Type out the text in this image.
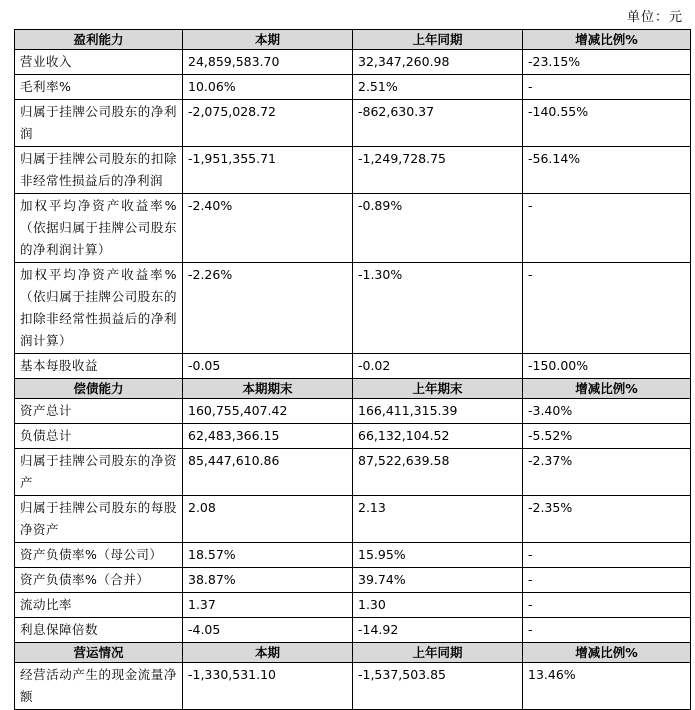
单位：元
盈利能力	本期	上年同期	增减比例%
营业收入	24,859,583.70	32,347,260.98	-23.15%
毛利率%	10.06%	2.51%	-
归属于挂牌公司股东的净利润	-2,075,028.72	-862,630.37	-140.55%
归属于挂牌公司股东的扣除非经常性损益后的净利润	-1,951,355.71	-1,249,728.75	-56.14%
加权平均净资产收益率%（依据归属于挂牌公司股东的净利润计算）	-2.40%	-0.89%	-
加权平均净资产收益率%（依归属于挂牌公司股东的扣除非经常性损益后的净利润计算）	-2.26%	-1.30%	-
基本每股收益	-0.05	-0.02	-150.00%
偿债能力	本期期末	上年期末	增减比例%
资产总计	160,755,407.42	166,411,315.39	-3.40%
负债总计	62,483,366.15	66,132,104.52	-5.52%
归属于挂牌公司股东的净资产	85,447,610.86	87,522,639.58	-2.37%
归属于挂牌公司股东的每股净资产	2.08	2.13	-2.35%
资产负债率%（母公司）	18.57%	15.95%	-
资产负债率%（合并）	38.87%	39.74%	-
流动比率	1.37	1.30	-
利息保障倍数	-4.05	-14.92	-
营运情况	本期	上年同期	增减比例%
经营活动产生的现金流量净额	-1,330,531.10	-1,537,503.85	13.46%
